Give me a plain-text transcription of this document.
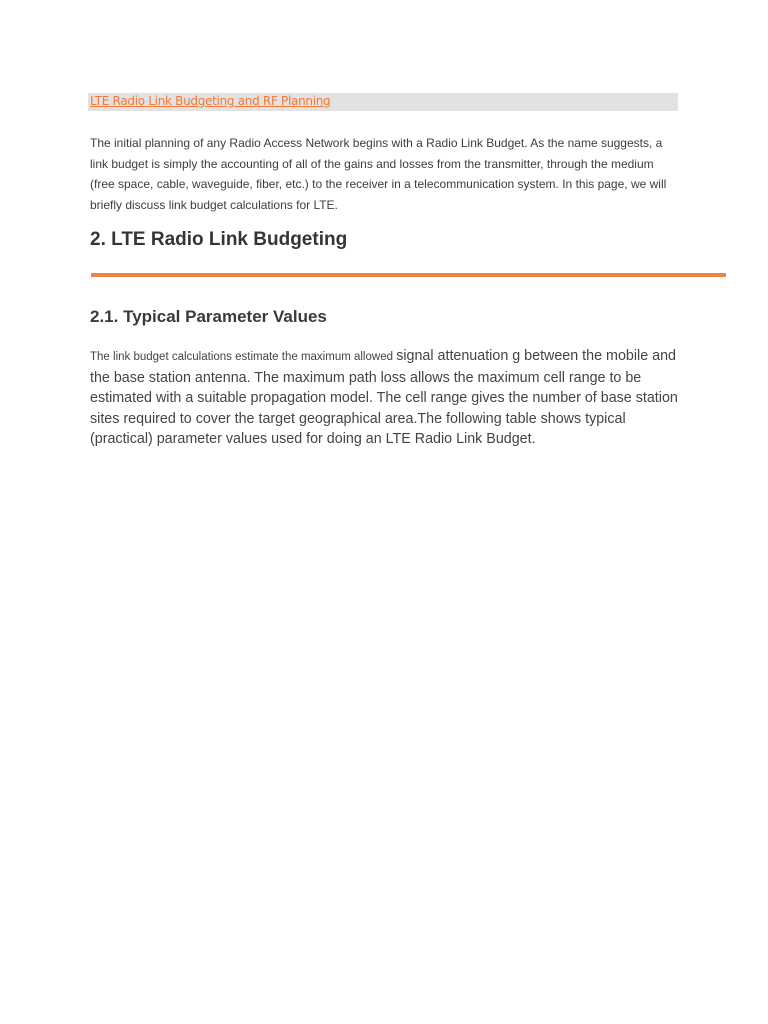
LTE Radio Link Budgeting and RF Planning

The initial planning of any Radio Access Network begins with a Radio Link Budget. As the name suggests, a link budget is simply the accounting of all of the gains and losses from the transmitter, through the medium (free space, cable, waveguide, fiber, etc.) to the receiver in a telecommunication system. In this page, we will briefly discuss link budget calculations for LTE.

2. LTE Radio Link Budgeting
2.1. Typical Parameter Values

The link budget calculations estimate the maximum allowed signal attenuation g between the mobile and the base station antenna. The maximum path loss allows the maximum cell range to be estimated with a suitable propagation model. The cell range gives the number of base station sites required to cover the target geographical area.The following table shows typical (practical) parameter values used for doing an LTE Radio Link Budget.
